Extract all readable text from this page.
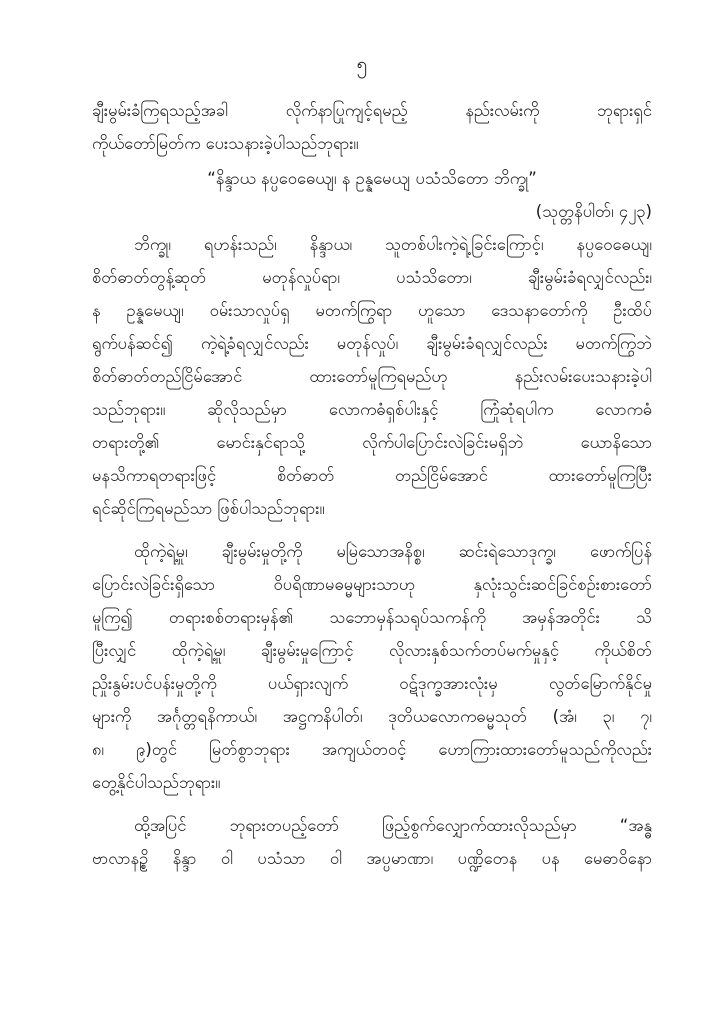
၅
ချီးမွမ်းခံကြရသည့်အခါ လိုက်နာပြုကျင့်ရမည့် နည်းလမ်းကို ဘုရားရှင်
ကိုယ်တော်မြတ်က ပေးသနားခဲ့ပါသည်ဘုရား။
“နိန္ဒာယ နပ္ပဝေဓေယျ၊ န ဥန္နမေယျ ပသံသိတော ဘိက္ခု”
(သုတ္တနိပါတ်၊ ၄၂၃)
ဘိက္ခု၊ ရဟန်းသည်၊ နိန္ဒာယ၊ သူတစ်ပါးကဲ့ရဲ့ခြင်းကြောင့်၊ နပ္ပဝေဓေယျ၊
စိတ်ဓာတ်တွန့်ဆုတ် မတုန်လှုပ်ရာ၊ ပသံသိတော၊ ချီးမွမ်းခံရလျှင်လည်း၊
န ဥန္နမေယျ၊ ဝမ်းသာလှုပ်ရှ မတက်ကြွရာ ဟူသော ဒေသနာတော်ကို ဦးထိပ်
ရွက်ပန်ဆင်၍ ကဲ့ရဲ့ခံရလျှင်လည်း မတုန်လှုပ်၊ ချီးမွမ်းခံရလျှင်လည်း မတက်ကြွဘဲ
စိတ်ဓာတ်တည်ငြိမ်အောင် ထားတော်မူကြရမည်ဟု နည်းလမ်းပေးသနားခဲ့ပါ
သည်ဘုရား။ ဆိုလိုသည်မှာ လောကဓံရှစ်ပါးနှင့် ကြုံဆုံရပါက လောကဓံ
တရားတို့၏ မောင်းနှင်ရာသို့ လိုက်ပါပြောင်းလဲခြင်းမရှိဘဲ ယောနိသော
မနသိကာရတရားဖြင့် စိတ်ဓာတ် တည်ငြိမ်အောင် ထားတော်မူကြပြီး
ရင်ဆိုင်ကြရမည်သာ ဖြစ်ပါသည်ဘုရား။
ထိုကဲ့ရဲ့မှု၊ ချီးမွမ်းမှုတို့ကို မမြဲသောအနိစ္စ၊ ဆင်းရဲသောဒုက္ခ၊ ဖောက်ပြန်
ပြောင်းလဲခြင်းရှိသော ဝိပရိဏာမဓမ္မများသာဟု နှလုံးသွင်းဆင်ခြင်စဉ်းစားတော်
မူကြ၍ တရားစစ်တရားမှန်၏ သဘောမှန်သရုပ်သကန်ကို အမှန်အတိုင်း သိ
ပြီးလျှင် ထိုကဲ့ရဲ့မှု၊ ချီးမွမ်းမှုကြောင့် လိုလားနှစ်သက်တပ်မက်မှုနှင့် ကိုယ်စိတ်
ညှိုးနွမ်းပင်ပန်းမှုတို့ကို ပယ်ရှားလျက် ဝဋ်ဒုက္ခအားလုံးမှ လွတ်မြောက်နိုင်မှု
များကို အင်္ဂုတ္တရနိကာယ်၊ အဋ္ဌကနိပါတ်၊ ဒုတိယလောကဓမ္မသုတ် (အံ၊ ၃၊ ၇၊
၈၊ ၉)တွင် မြတ်စွာဘုရား အကျယ်တဝင့် ဟောကြားထားတော်မူသည်ကိုလည်း
တွေ့နိုင်ပါသည်ဘုရား။
ထို့အပြင် ဘုရားတပည့်တော် ဖြည့်စွက်လျှောက်ထားလိုသည်မှာ “အန္ဓ
ဗာလာနဥ္စိ နိန္ဒာ ဝါ ပသံသာ ဝါ အပ္ပမာဏာ၊ ပဏ္ဍိတေန ပန မေဓာဝိနော
